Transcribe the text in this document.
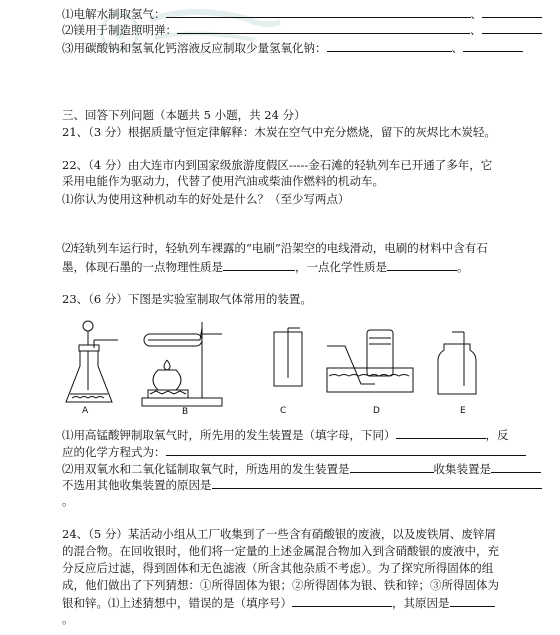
⑴电解水制取氢气：	、
⑵镁用于制造照明弹：	、
⑶用碳酸钠和氢氧化钙溶液反应制取少量氢氧化钠：	、
三、回答下列问题（本题共 5 小题，共 24 分）
21、（3 分）根据质量守恒定律解释：木炭在空气中充分燃烧，留下的灰烬比木炭轻。
22、（4 分）由大连市内到国家级旅游度假区-----金石滩的轻轨列车已开通了多年，它
采用电能作为驱动力，代替了使用汽油或柴油作燃料的机动车。
⑴你认为使用这种机动车的好处是什么？（至少写两点）
⑵轻轨列车运行时，轻轨列车裸露的“电刷”沿架空的电线滑动，电刷的材料中含有石
墨，体现石墨的一点物理性质是	，一点化学性质是	。
23、（6 分）下图是实验室制取气体常用的装置。
A	B	C	D	E
⑴用高锰酸钾制取氧气时，所先用的发生装置是（填字母，下同）	，反
应的化学方程式为：
⑵用双氧水和二氧化锰制取氧气时，所选用的发生装置是	收集装置是
不选用其他收集装置的原因是
。
24、（5 分）某活动小组从工厂收集到了一些含有硝酸银的废液，以及废铁屑、废锌屑
的混合物。在回收银时，他们将一定量的上述金属混合物加入到含硝酸银的废液中，充
分反应后过滤，得到固体和无色滤液（所含其他杂质不考虑）。为了探究所得固体的组
成，他们做出了下列猜想：①所得固体为银；②所得固体为银、铁和锌；③所得固体为
银和锌。⑴上述猜想中，错误的是（填序号）	，其原因是
。
